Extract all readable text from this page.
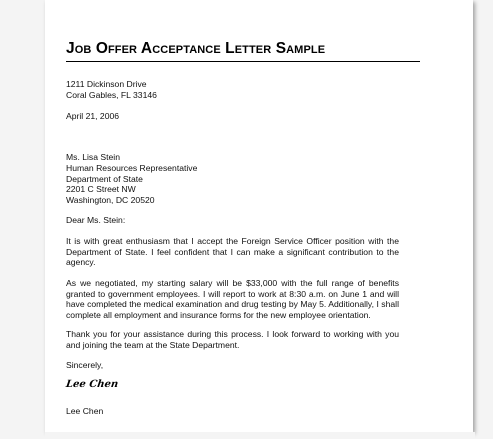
Job Offer Acceptance Letter Sample

1211 Dickinson Drive

Coral Gables, FL 33146

April 21, 2006

Ms. Lisa Stein

Human Resources Representative

Department of State

2201 C Street NW

Washington, DC 20520

Dear Ms. Stein:

It is with great enthusiasm that I accept the Foreign Service Officer position with the Department of State. I feel confident that I can make a significant contribution to the agency.

As we negotiated, my starting salary will be $33,000 with the full range of benefits granted to government employees. I will report to work at 8:30 a.m. on June 1 and will have completed the medical examination and drug testing by May 5. Additionally, I shall complete all employment and insurance forms for the new employee orientation.

Thank you for your assistance during this process. I look forward to working with you and joining the team at the State Department.

Sincerely,

Lee Chen

Lee Chen
